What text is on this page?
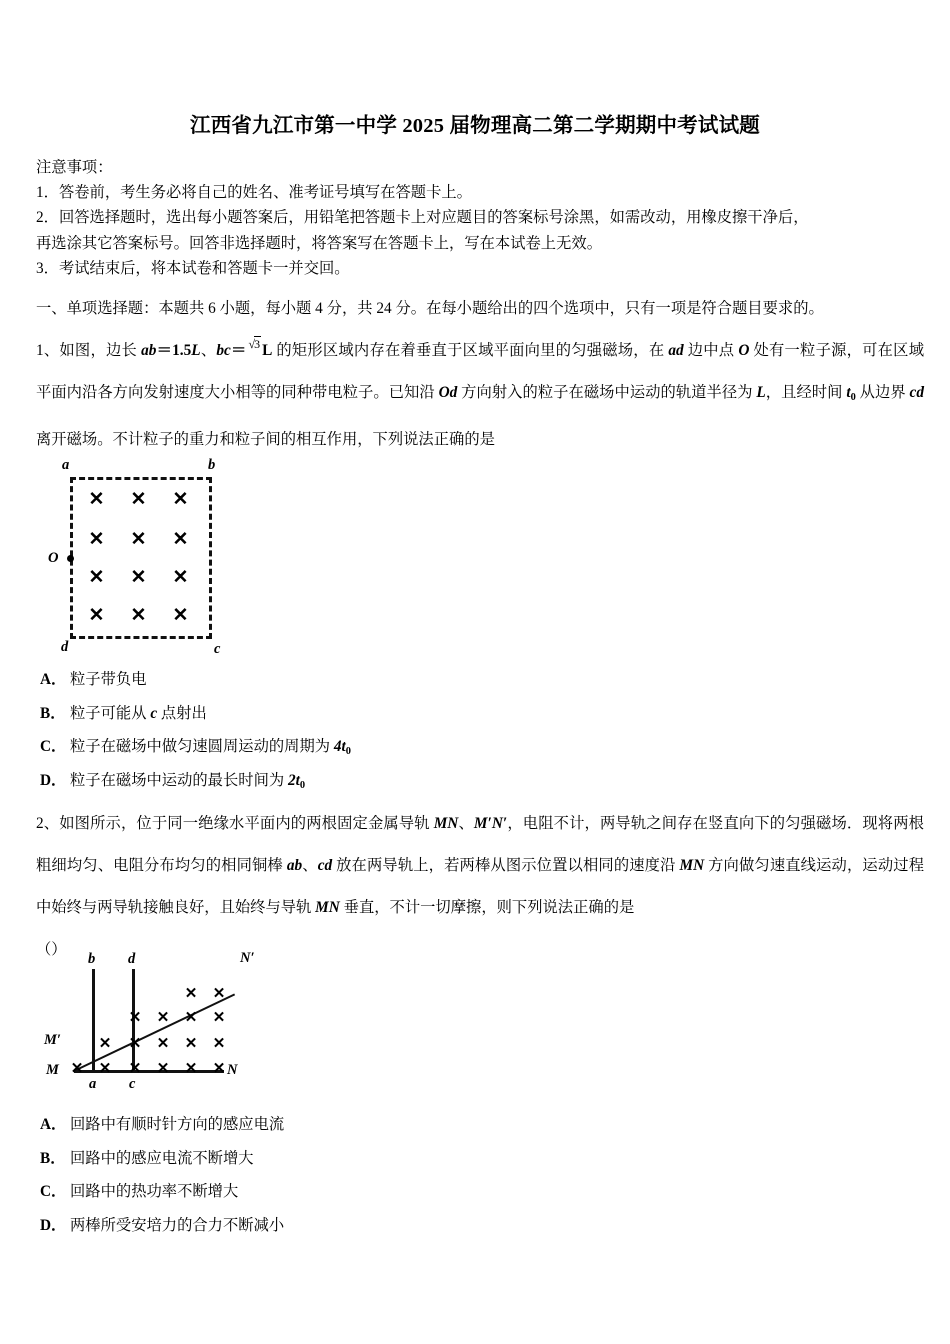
江西省九江市第一中学 2025 届物理高二第二学期期中考试试题
注意事项：
1．答卷前，考生务必将自己的姓名、准考证号填写在答题卡上。
2．回答选择题时，选出每小题答案后，用铅笔把答题卡上对应题目的答案标号涂黑，如需改动，用橡皮擦干净后，
再选涂其它答案标号。回答非选择题时，将答案写在答题卡上，写在本试卷上无效。
3．考试结束后，将本试卷和答题卡一并交回。
一、单项选择题：本题共 6 小题，每小题 4 分，共 24 分。在每小题给出的四个选项中，只有一项是符合题目要求的。
1、如图，边长 ab＝1.5L、bc＝ √3 L 的矩形区域内存在着垂直于区域平面向里的匀强磁场，在 ad 边中点 O 处有一粒子源，可在区域平面内沿各方向发射速度大小相等的同种带电粒子。已知沿 Od 方向射入的粒子在磁场中运动的轨道半径为 L，且经时间 $t_0$ 从边界 cd 离开磁场。不计粒子的重力和粒子间的相互作用，下列说法正确的是
a	b
d	c
O
✕ ✕ ✕
✕ ✕ ✕
✕ ✕ ✕
✕ ✕ ✕
A． 粒子带负电
B． 粒子可能从 c 点射出
C． 粒子在磁场中做匀速圆周运动的周期为 $4t_0$
D． 粒子在磁场中运动的最长时间为 $2t_0$
2、如图所示，位于同一绝缘水平面内的两根固定金属导轨 MN、M′N′，电阻不计，两导轨之间存在竖直向下的匀强磁场．现将两根粗细均匀、电阻分布均匀的相同铜棒 ab、cd 放在两导轨上，若两棒从图示位置以相同的速度沿 MN 方向做匀速直线运动，运动过程中始终与两导轨接触良好，且始终与导轨 MN 垂直，不计一切摩擦，则下列说法正确的是
（）
b d
a c
M	N
M′
N′
✕ ✕ ✕ ✕ ✕ ✕
✕ ✕ ✕ ✕ ✕
✕ ✕ ✕ ✕
✕ ✕
A． 回路中有顺时针方向的感应电流
B． 回路中的感应电流不断增大
C． 回路中的热功率不断增大
D． 两棒所受安培力的合力不断减小
